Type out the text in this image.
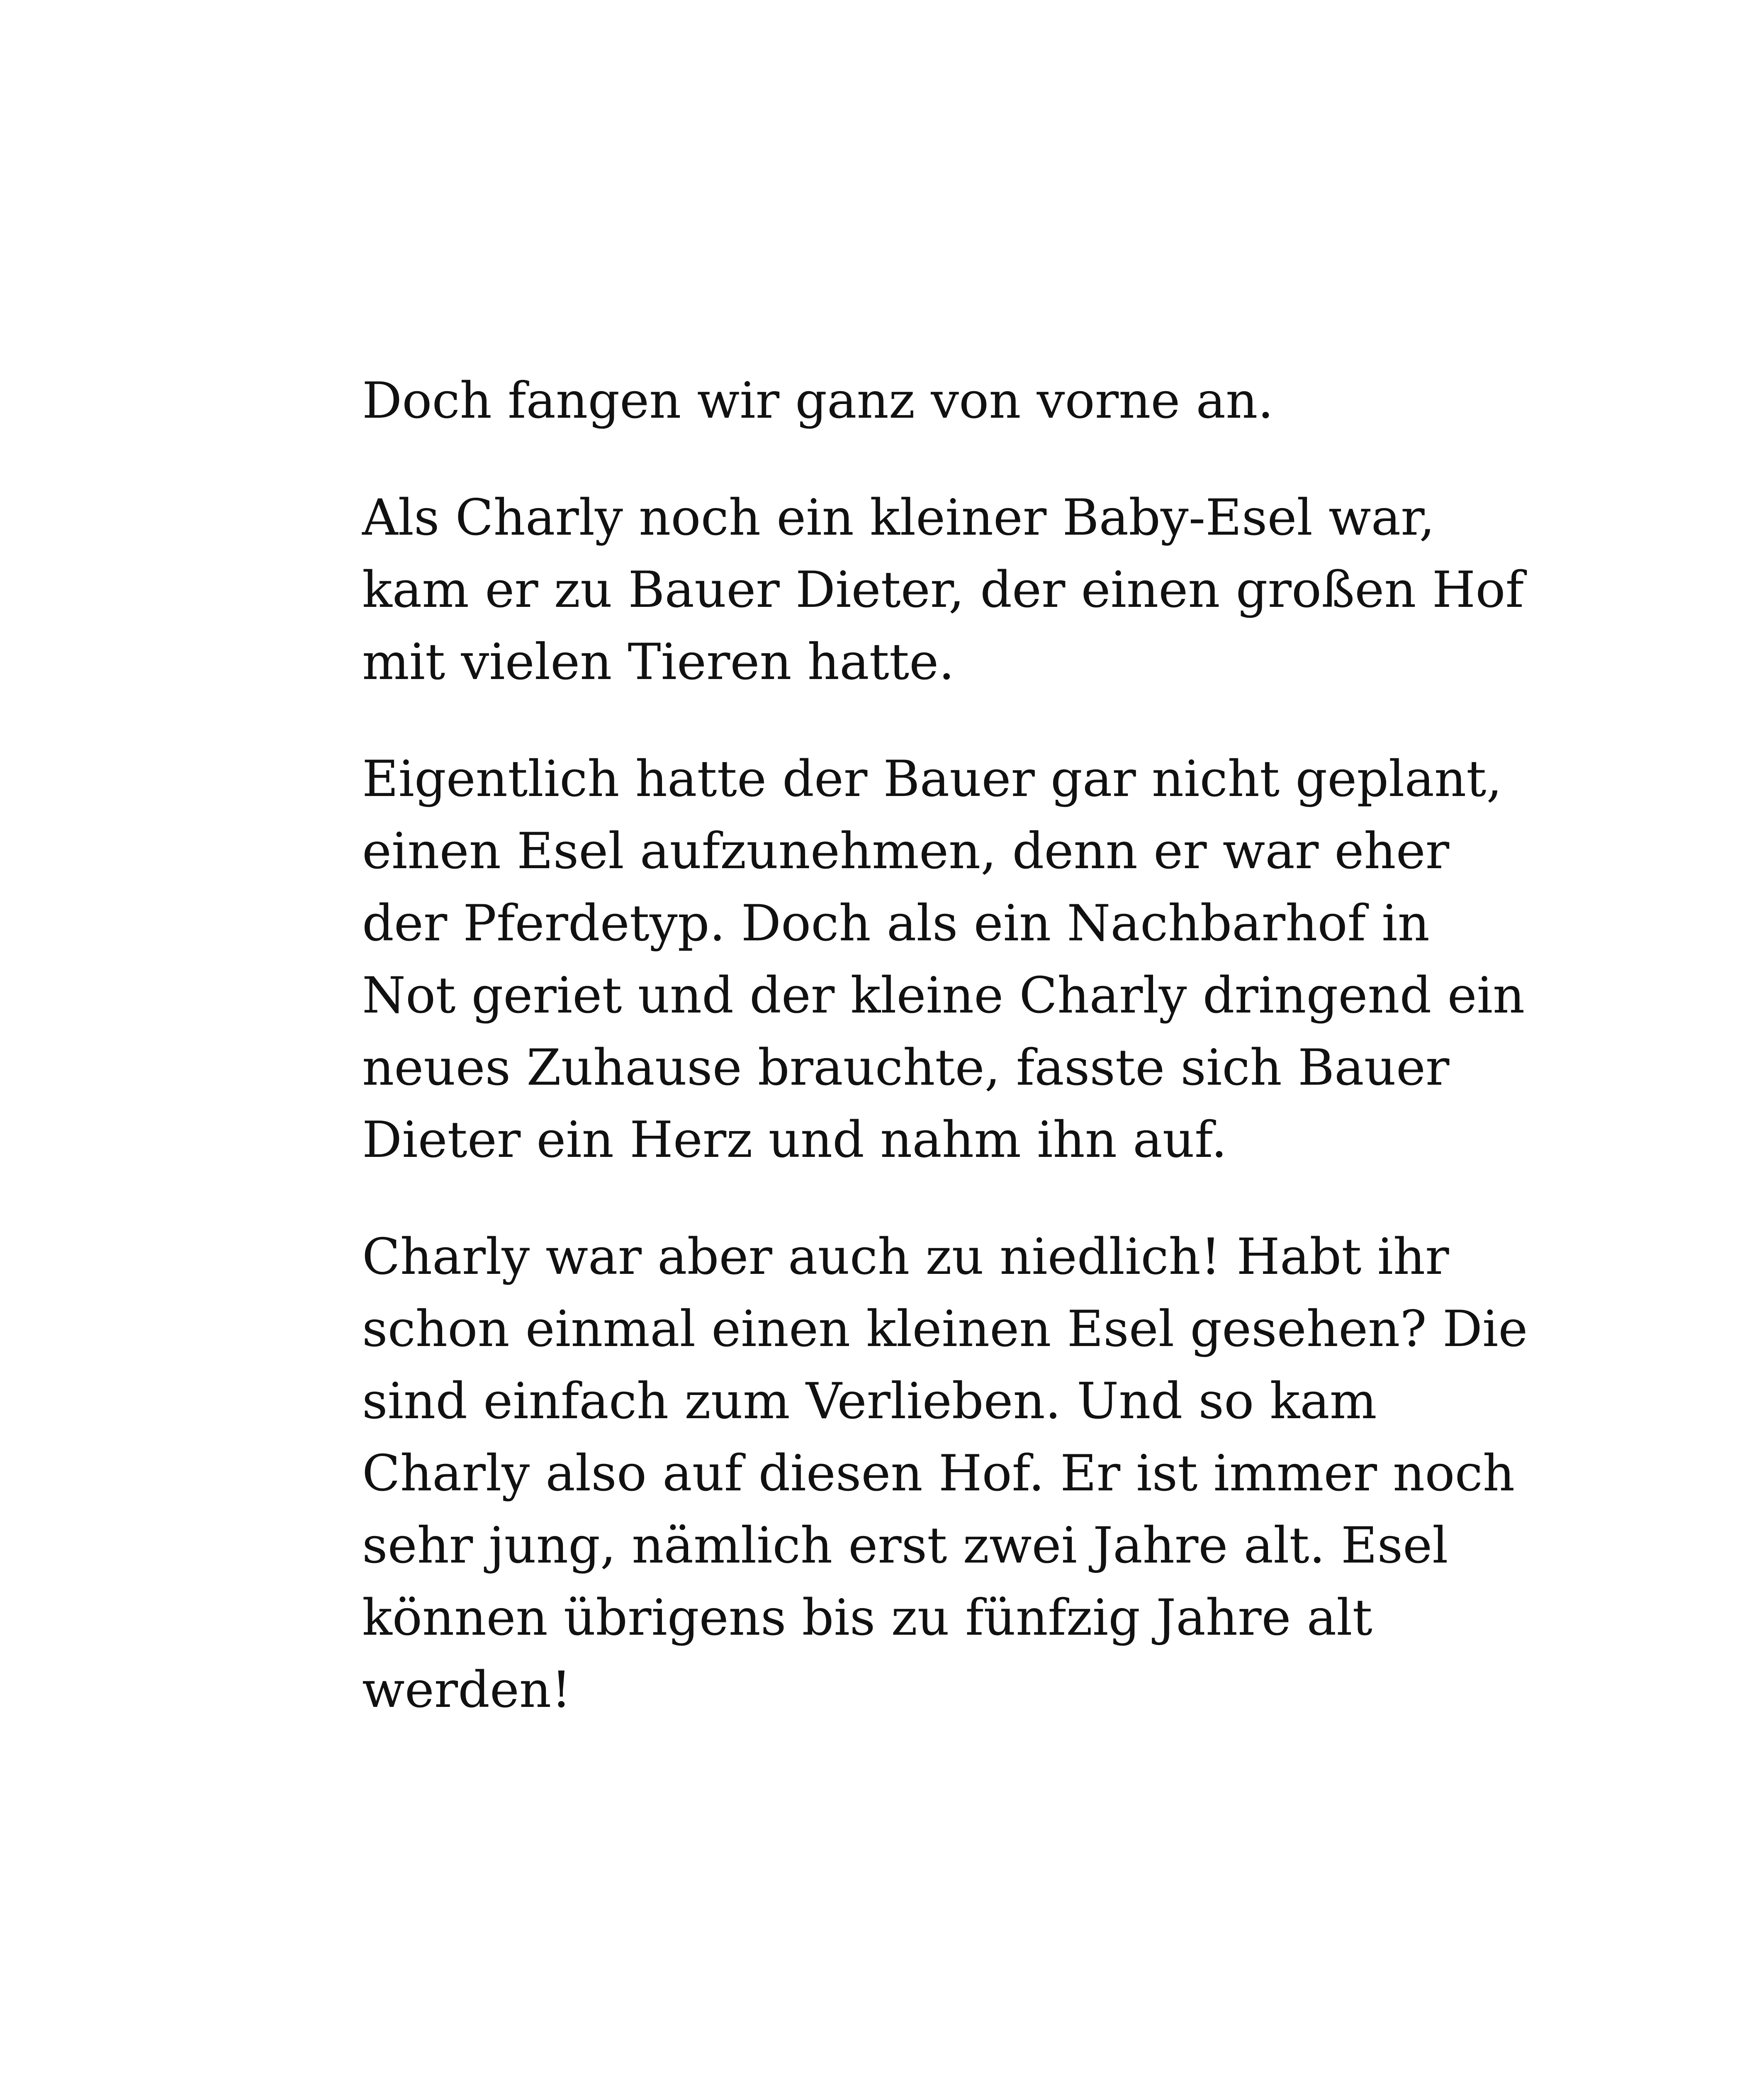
Doch fangen wir ganz von vorne an.

Als Charly noch ein kleiner Baby-Esel war,
kam er zu Bauer Dieter, der einen großen Hof
mit vielen Tieren hatte.

Eigentlich hatte der Bauer gar nicht geplant,
einen Esel aufzunehmen, denn er war eher
der Pferdetyp. Doch als ein Nachbarhof in
Not geriet und der kleine Charly dringend ein
neues Zuhause brauchte, fasste sich Bauer
Dieter ein Herz und nahm ihn auf.

Charly war aber auch zu niedlich! Habt ihr
schon einmal einen kleinen Esel gesehen? Die
sind einfach zum Verlieben. Und so kam
Charly also auf diesen Hof. Er ist immer noch
sehr jung, nämlich erst zwei Jahre alt. Esel
können übrigens bis zu fünfzig Jahre alt
werden!
